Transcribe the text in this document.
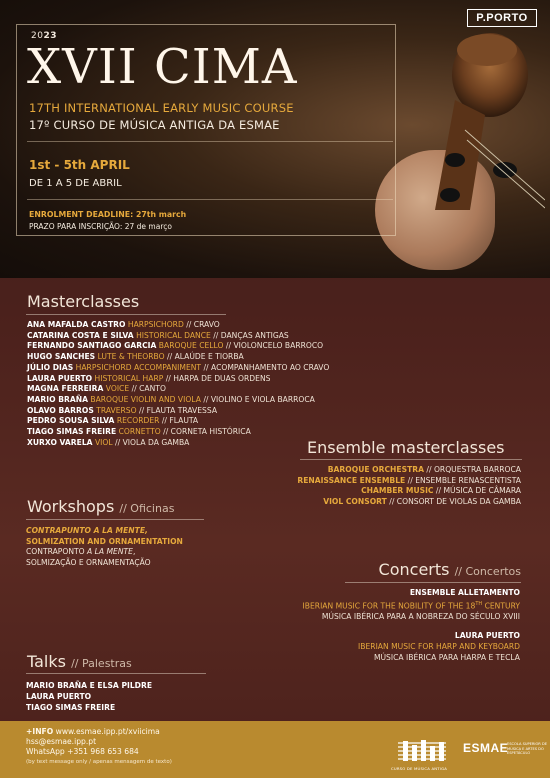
P.PORTO
2023
XVII CIMA
17TH INTERNATIONAL EARLY MUSIC COURSE
17º CURSO DE MÚSICA ANTIGA DA ESMAE
1st - 5th APRIL
DE 1 A 5 DE ABRIL
ENROLMENT DEADLINE: 27th march
PRAZO PARA INSCRIÇÃO: 27 de março
Masterclasses
ANA MAFALDA CASTRO HARPSICHORD // CRAVO
CATARINA COSTA E SILVA HISTORICAL DANCE // DANÇAS ANTIGAS
FERNANDO SANTIAGO GARCIA BAROQUE CELLO // VIOLONCELO BARROCO
HUGO SANCHES LUTE & THEORBO // ALAÚDE E TIORBA
JÚLIO DIAS HARPSICHORD ACCOMPANIMENT // ACOMPANHAMENTO AO CRAVO
LAURA PUERTO HISTORICAL HARP // HARPA DE DUAS ORDENS
MAGNA FERREIRA VOICE // CANTO
MARIO BRAÑA BAROQUE VIOLIN AND VIOLA // VIOLINO E VIOLA BARROCA
OLAVO BARROS TRAVERSO // FLAUTA TRAVESSA
PEDRO SOUSA SILVA RECORDER // FLAUTA
TIAGO SIMAS FREIRE CORNETTO // CORNETA HISTÓRICA
XURXO VARELA VIOL // VIOLA DA GAMBA	Ensemble masterclasses
BAROQUE ORCHESTRA // ORQUESTRA BARROCA
RENAISSANCE ENSEMBLE // ENSEMBLE RENASCENTISTA
CHAMBER MUSIC // MÚSICA DE CÂMARA
VIOL CONSORT // CONSORT DE VIOLAS DA GAMBA
Workshops // Oficinas
CONTRAPUNTO A LA MENTE,
SOLMIZATION AND ORNAMENTATION
CONTRAPONTO A LA MENTE,
SOLMIZAÇÃO E ORNAMENTAÇÃO	Concerts // Concertos
ENSEMBLE ALLETAMENTO
IBERIAN MUSIC FOR THE NOBILITY OF THE 18TH CENTURY
MÚSICA IBÉRICA PARA A NOBREZA DO SÉCULO XVIII
LAURA PUERTO
IBERIAN MUSIC FOR HARP AND KEYBOARD
MÚSICA IBÉRICA PARA HARPA E TECLA
Talks // Palestras
MARIO BRAÑA E ELSA PILDRE
LAURA PUERTO
TIAGO SIMAS FREIRE
+INFO www.esmae.ipp.pt/xviicima
hss@esmae.ipp.pt
WhatsApp +351 968 653 684
(by text message only / apenas mensagem de texto)
CURSO DE MÚSICA ANTIGA
ESMAE
ESCOLA SUPERIOR DE MÚSICA E ARTES DO ESPETÁCULO
